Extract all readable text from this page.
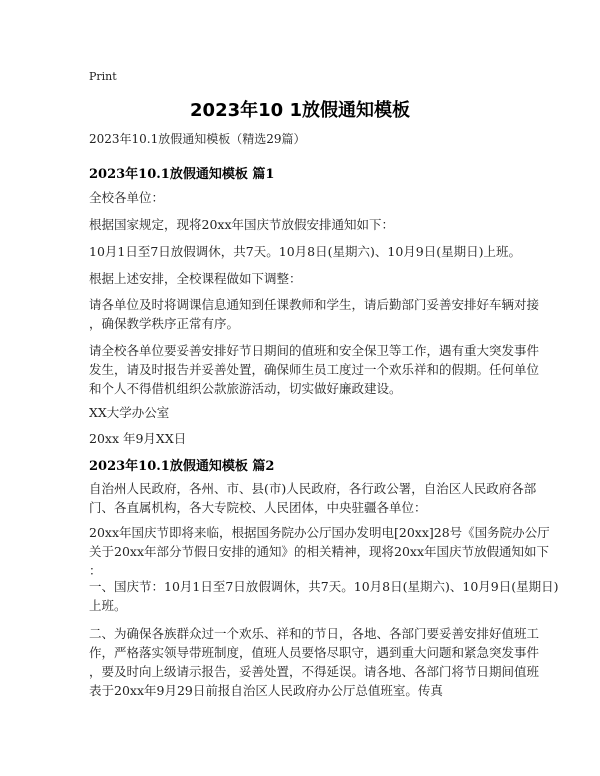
Print
2023年10 1放假通知模板
2023年10.1放假通知模板（精选29篇）
2023年10.1放假通知模板 篇1
全校各单位：
根据国家规定，现将20xx年国庆节放假安排通知如下：
10月1日至7日放假调休，共7天。10月8日(星期六)、10月9日(星期日)上班。
根据上述安排，全校课程做如下调整：
请各单位及时将调课信息通知到任课教师和学生，请后勤部门妥善安排好车辆对接
，确保教学秩序正常有序。
请全校各单位要妥善安排好节日期间的值班和安全保卫等工作，遇有重大突发事件
发生，请及时报告并妥善处置，确保师生员工度过一个欢乐祥和的假期。任何单位
和个人不得借机组织公款旅游活动，切实做好廉政建设。
XX大学办公室
20xx 年9月XX日
2023年10.1放假通知模板 篇2
自治州人民政府，各州、市、县(市)人民政府，各行政公署，自治区人民政府各部
门、各直属机构，各大专院校、人民团体，中央驻疆各单位：
20xx年国庆节即将来临，根据国务院办公厅国办发明电[20xx]28号《国务院办公厅
关于20xx年部分节假日安排的通知》的相关精神，现将20xx年国庆节放假通知如下
：
一、国庆节：10月1日至7日放假调休，共7天。10月8日(星期六)、10月9日(星期日)
上班。
二、为确保各族群众过一个欢乐、祥和的节日，各地、各部门要妥善安排好值班工
作，严格落实领导带班制度，值班人员要恪尽职守，遇到重大问题和紧急突发事件
，要及时向上级请示报告，妥善处置，不得延误。请各地、各部门将节日期间值班
表于20xx年9月29日前报自治区人民政府办公厅总值班室。传真
